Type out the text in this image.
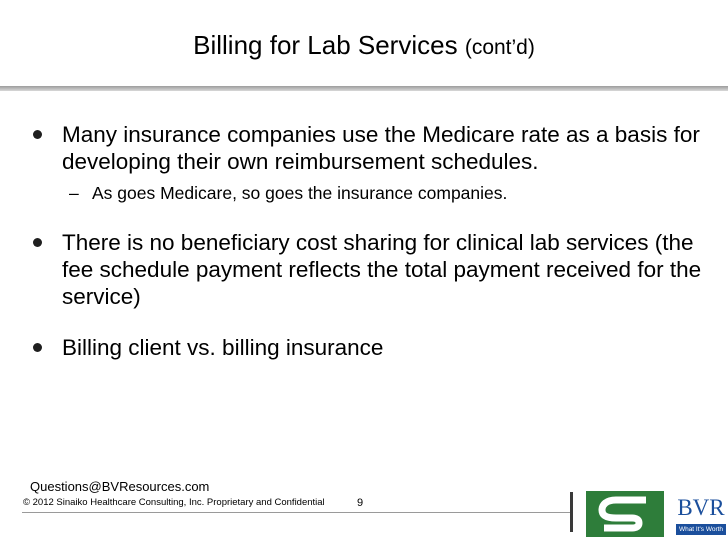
Billing for Lab Services (cont’d)
Many insurance companies use the Medicare rate as a basis for developing their own reimbursement schedules.
– As goes Medicare, so goes the insurance companies.
There is no beneficiary cost sharing for clinical lab services (the fee schedule payment reflects the total payment received for the service)
Billing client vs. billing insurance
Questions@BVResources.com
© 2012 Sinaiko Healthcare Consulting, Inc. Proprietary and Confidential	9	BVR
What It's Worth
